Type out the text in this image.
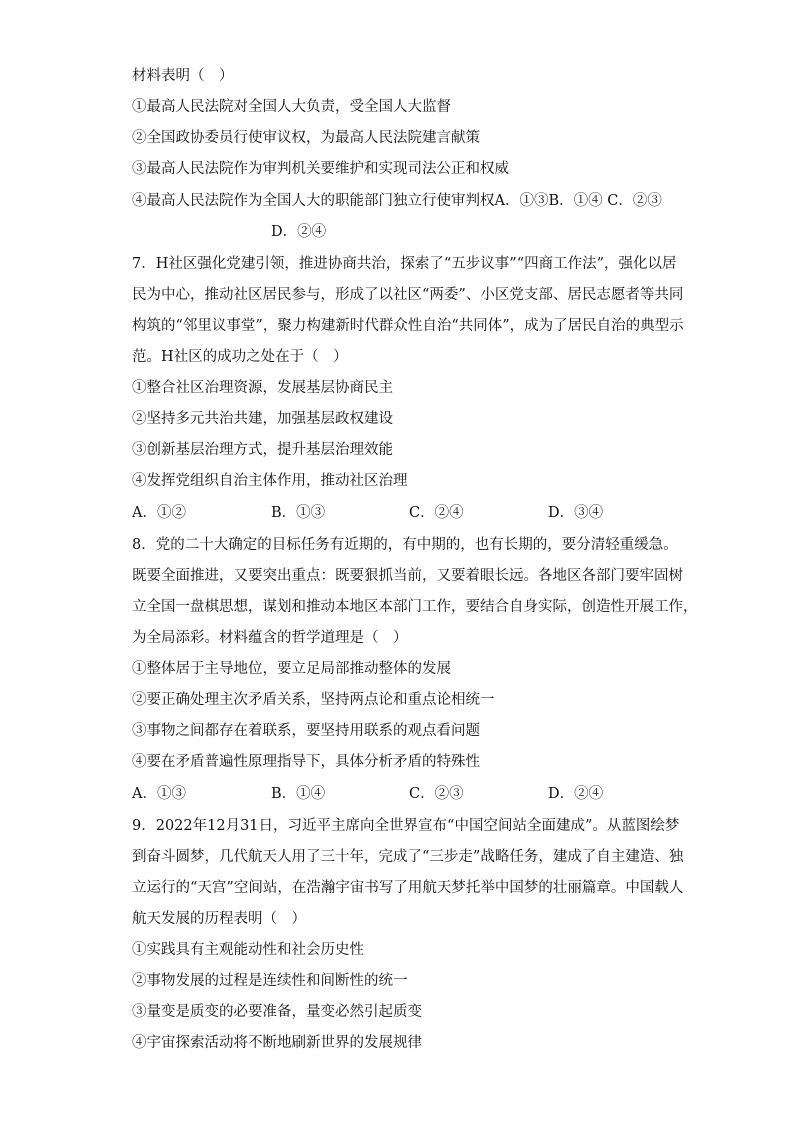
材料表明（　）
①最高人民法院对全国人大负责，受全国人大监督
②全国政协委员行使审议权，为最高人民法院建言献策
③最高人民法院作为审判机关要维护和实现司法公正和权威
④最高人民法院作为全国人大的职能部门独立行使审判权A．①③B．①④ C．②③
D．②④
7．H社区强化党建引领，推进协商共治，探索了“五步议事”“四商工作法”，强化以居
民为中心，推动社区居民参与，形成了以社区“两委”、小区党支部、居民志愿者等共同
构筑的“邻里议事堂”，聚力构建新时代群众性自治“共同体”，成为了居民自治的典型示
范。H社区的成功之处在于（　）
①整合社区治理资源，发展基层协商民主
②坚持多元共治共建，加强基层政权建设
③创新基层治理方式，提升基层治理效能
④发挥党组织自治主体作用，推动社区治理
A．①②	B．①③	C．②④	D．③④
8．党的二十大确定的目标任务有近期的，有中期的，也有长期的，要分清轻重缓急。
既要全面推进，又要突出重点：既要狠抓当前，又要着眼长远。各地区各部门要牢固树
立全国一盘棋思想，谋划和推动本地区本部门工作，要结合自身实际，创造性开展工作，
为全局添彩。材料蕴含的哲学道理是（　）
①整体居于主导地位，要立足局部推动整体的发展
②要正确处理主次矛盾关系，坚持两点论和重点论相统一
③事物之间都存在着联系，要坚持用联系的观点看问题
④要在矛盾普遍性原理指导下，具体分析矛盾的特殊性
A．①③	B．①④	C．②③	D．②④
9．2022年12月31日，习近平主席向全世界宣布“中国空间站全面建成”。从蓝图绘梦
到奋斗圆梦，几代航天人用了三十年，完成了“三步走”战略任务，建成了自主建造、独
立运行的“天宫”空间站，在浩瀚宇宙书写了用航天梦托举中国梦的壮丽篇章。中国载人
航天发展的历程表明（　）
①实践具有主观能动性和社会历史性
②事物发展的过程是连续性和间断性的统一
③量变是质变的必要准备，量变必然引起质变
④宇宙探索活动将不断地刷新世界的发展规律
